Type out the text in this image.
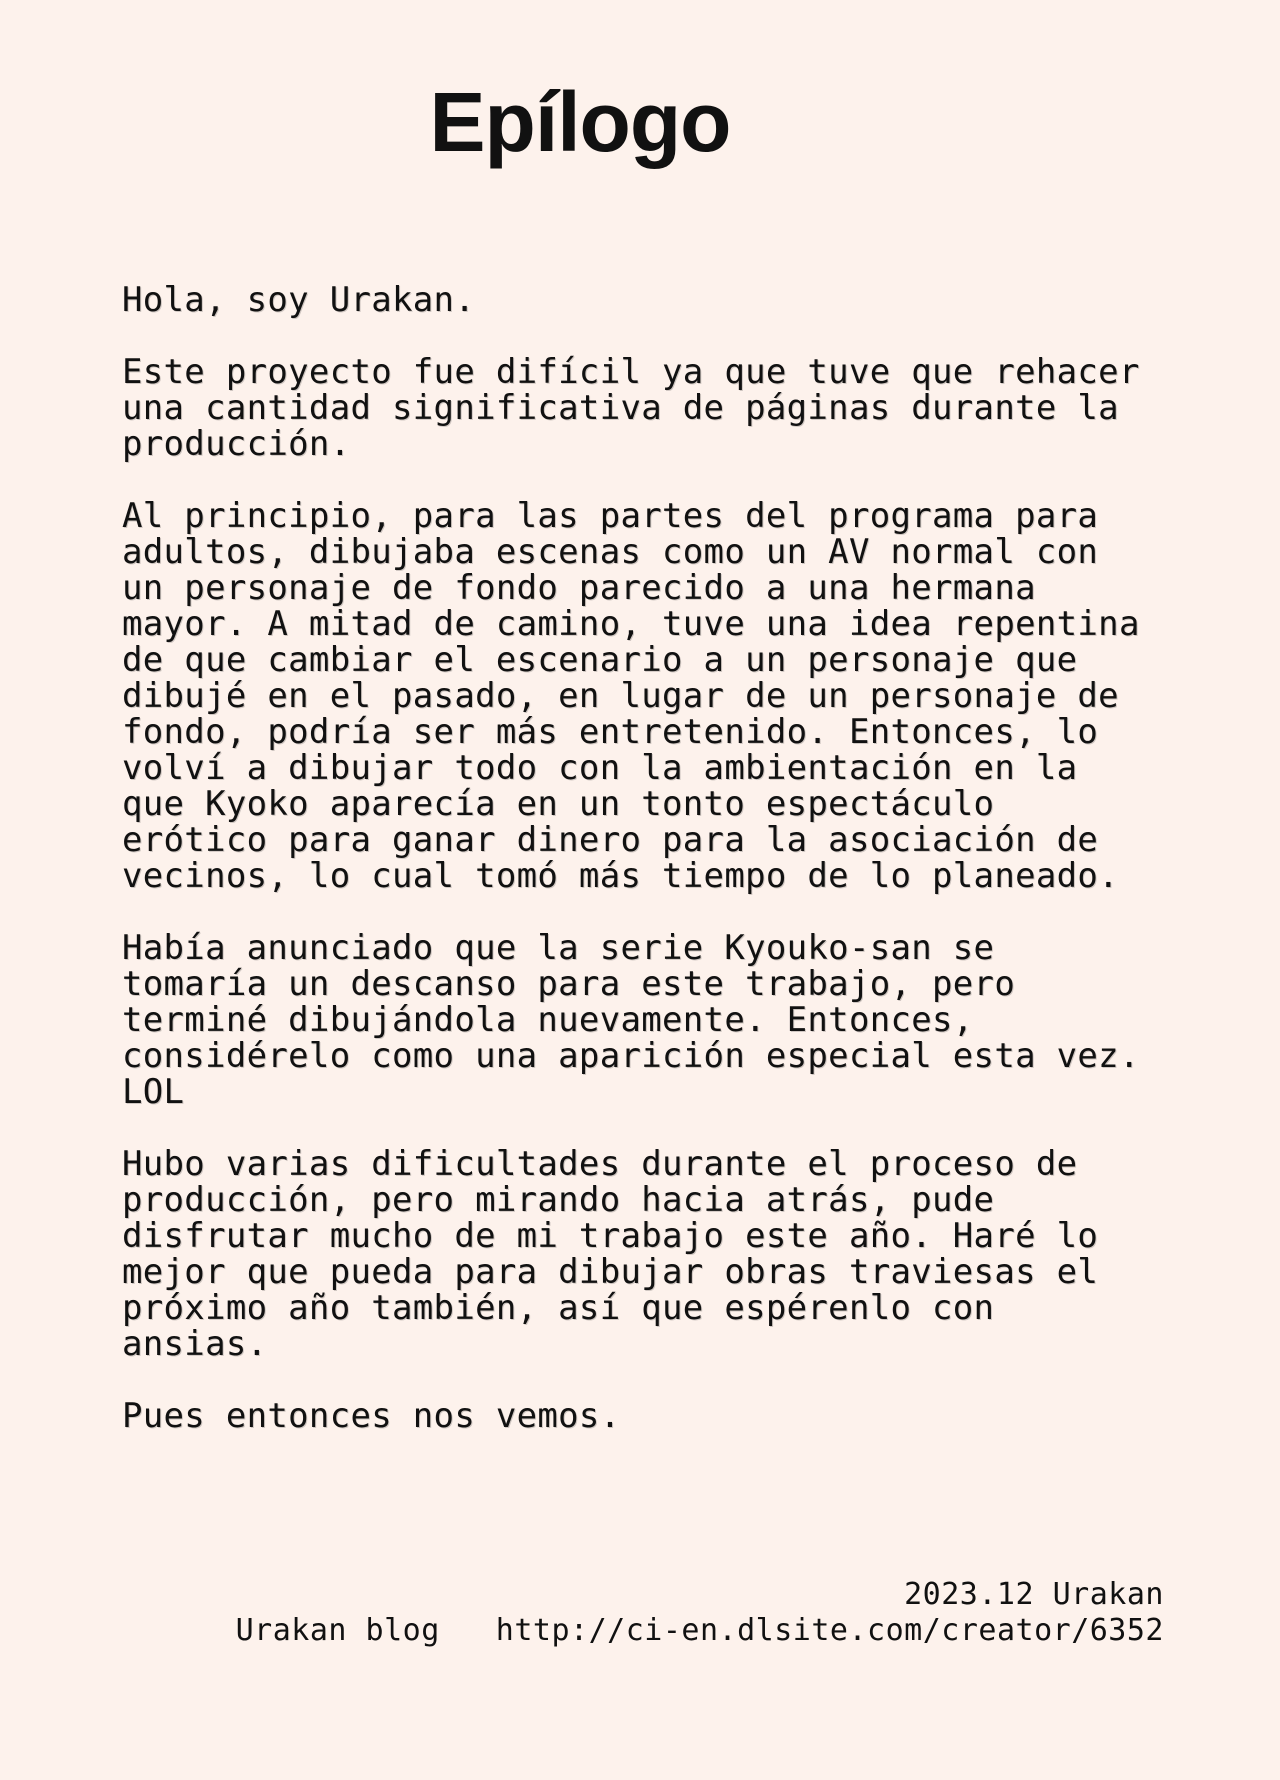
Epílogo

Hola, soy Urakan.

Este proyecto fue difícil ya que tuve que rehacer
una cantidad significativa de páginas durante la
producción.

Al principio, para las partes del programa para
adultos, dibujaba escenas como un AV normal con
un personaje de fondo parecido a una hermana
mayor. A mitad de camino, tuve una idea repentina
de que cambiar el escenario a un personaje que
dibujé en el pasado, en lugar de un personaje de
fondo, podría ser más entretenido. Entonces, lo
volví a dibujar todo con la ambientación en la
que Kyoko aparecía en un tonto espectáculo
erótico para ganar dinero para la asociación de
vecinos, lo cual tomó más tiempo de lo planeado.

Había anunciado que la serie Kyouko-san se
tomaría un descanso para este trabajo, pero
terminé dibujándola nuevamente. Entonces,
considérelo como una aparición especial esta vez.
LOL

Hubo varias dificultades durante el proceso de
producción, pero mirando hacia atrás, pude
disfrutar mucho de mi trabajo este año. Haré lo
mejor que pueda para dibujar obras traviesas el
próximo año también, así que espérenlo con
ansias.

Pues entonces nos vemos.

2023.12 Urakan
Urakan blog http://ci-en.dlsite.com/creator/6352
